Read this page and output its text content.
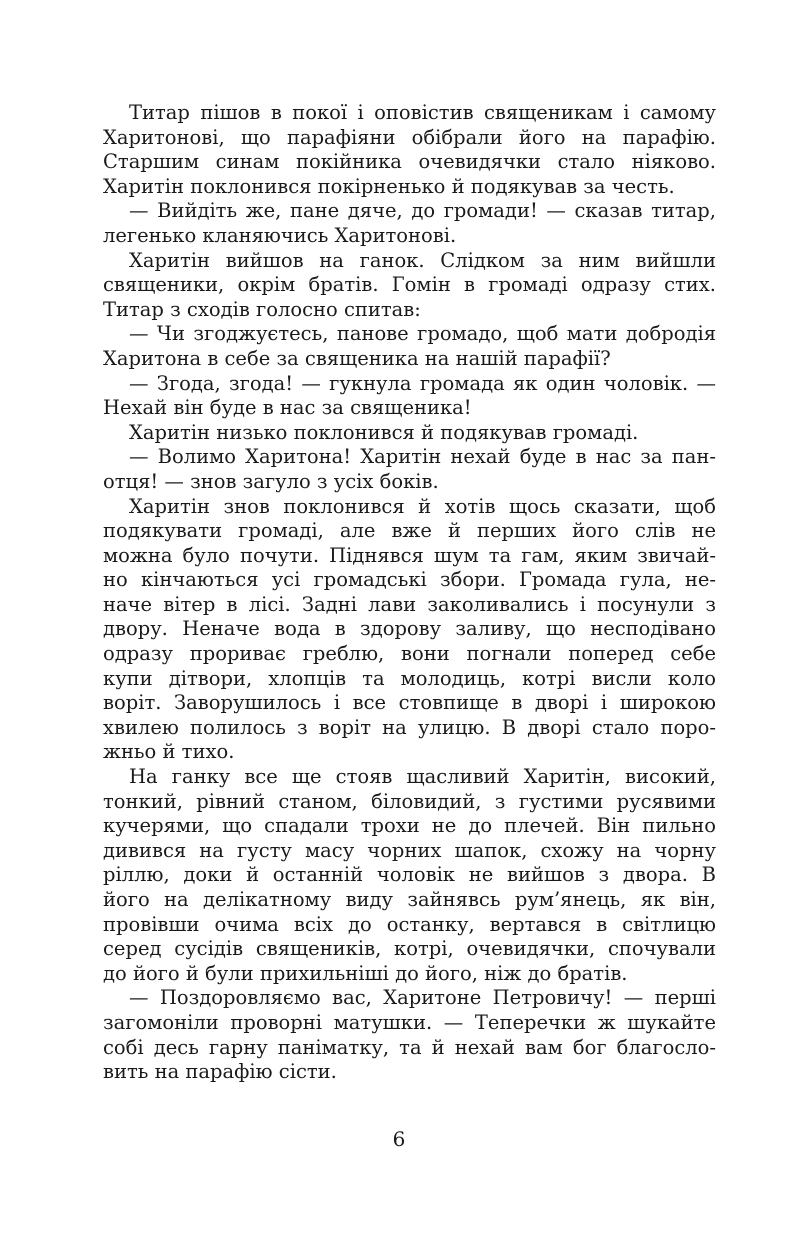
Титар пішов в покої і оповістив священикам і самому
Харитонові, що парафіяни обібрали його на парафію.
Старшим синам покійника очевидячки стало ніяково.
Харитін поклонився покірненько й подякував за честь.
— Вийдіть же, пане дяче, до громади! — сказав титар,
легенько кланяючись Харитонові.
Харитін вийшов на ганок. Слідком за ним вийшли
священики, окрім братів. Гомін в громаді одразу стих.
Титар з сходів голосно спитав:
— Чи згоджуєтесь, панове громадо, щоб мати добродія
Харитона в себе за священика на нашій парафії?
— Згода, згода! — гукнула громада як один чоловік. —
Нехай він буде в нас за священика!
Харитін низько поклонився й подякував громаді.
— Волимо Харитона! Харитін нехай буде в нас за пан-
отця! — знов загуло з усіх боків.
Харитін знов поклонився й хотів щось сказати, щоб
подякувати громаді, але вже й перших його слів не
можна було почути. Піднявся шум та гам, яким звичай-
но кінчаються усі громадські збори. Громада гула, не-
наче вітер в лісі. Задні лави заколивались і посунули з
двору. Неначе вода в здорову заливу, що несподівано
одразу прориває греблю, вони погнали поперед себе
купи дітвори, хлопців та молодиць, котрі висли коло
воріт. Заворушилось і все стовпище в дворі і широкою
хвилею полилось з воріт на улицю. В дворі стало поро-
жньо й тихо.
На ганку все ще стояв щасливий Харитін, високий,
тонкий, рівний станом, біловидий, з густими русявими
кучерями, що спадали трохи не до плечей. Він пильно
дивився на густу масу чорних шапок, схожу на чорну
ріллю, доки й останній чоловік не вийшов з двора. В
його на делікатному виду зайнявсь рум’янець, як він,
провівши очима всіх до останку, вертався в світлицю
серед сусідів священиків, котрі, очевидячки, спочували
до його й були прихильніші до його, ніж до братів.
— Поздоровляємо вас, Харитоне Петровичу! — перші
загомоніли проворні матушки. — Теперечки ж шукайте
собі десь гарну паніматку, та й нехай вам бог благосло-
вить на парафію сісти.
6
